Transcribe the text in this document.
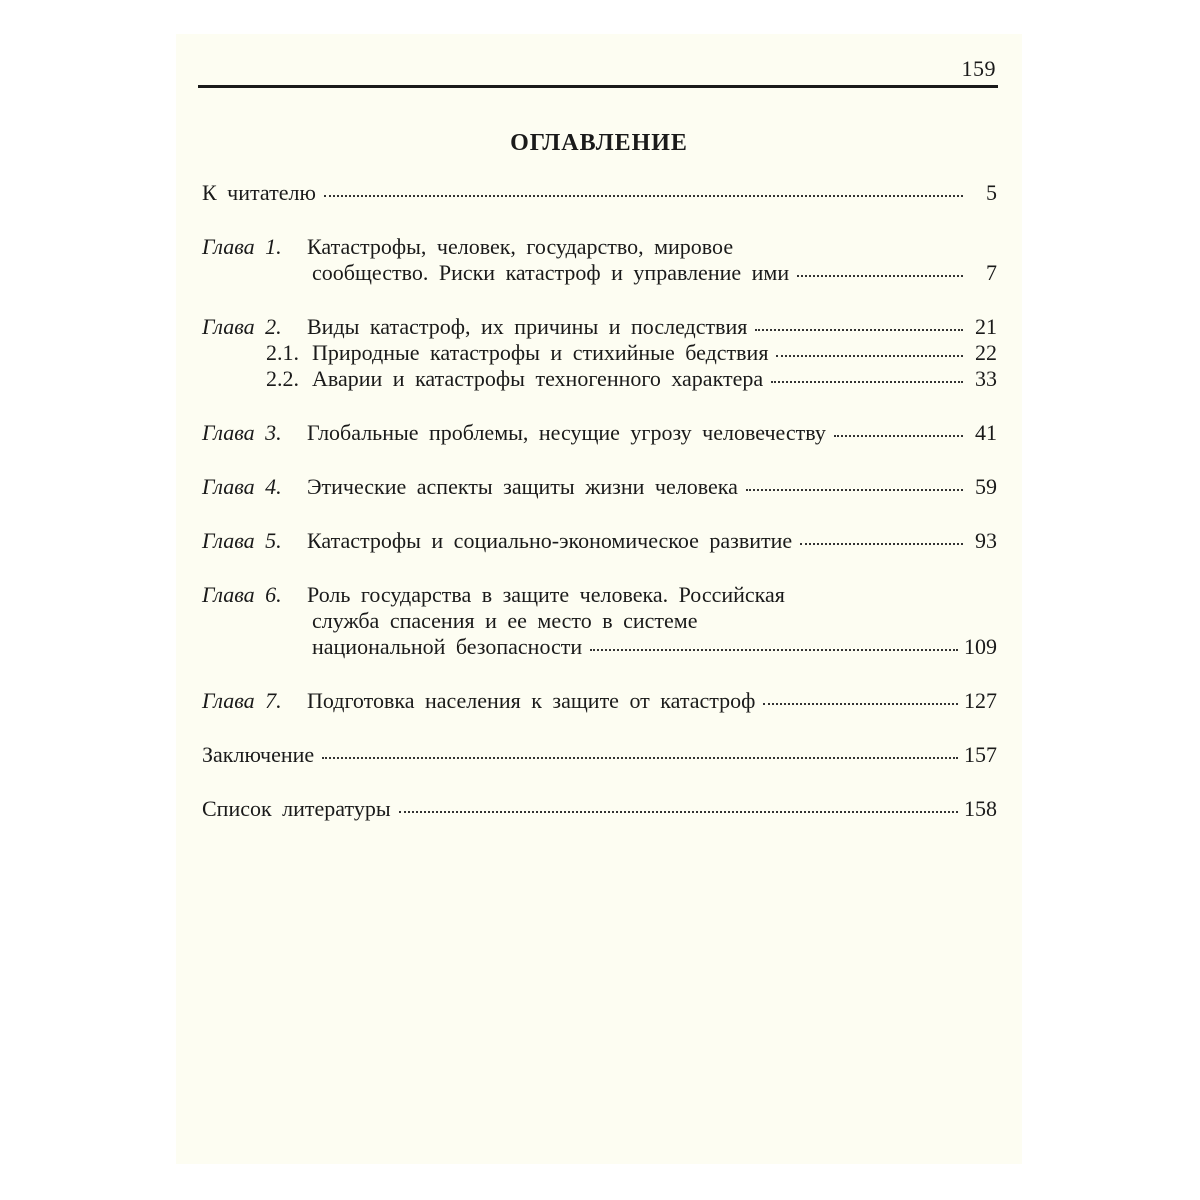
159
ОГЛАВЛЕНИЕ
К читателю	5
Глава 1.	Катастрофы, человек, государство, мировое
сообщество. Риски катастроф и управление ими	7
Глава 2.	Виды катастроф, их причины и последствия	21
2.1. Природные катастрофы и стихийные бедствия	22
2.2. Аварии и катастрофы техногенного характера	33
Глава 3.	Глобальные проблемы, несущие угрозу человечеству	41
Глава 4.	Этические аспекты защиты жизни человека	59
Глава 5.	Катастрофы и социально-экономическое развитие	93
Глава 6.	Роль государства в защите человека. Российская
служба спасения и ее место в системе
национальной безопасности	109
Глава 7.	Подготовка населения к защите от катастроф	127
Заключение	157
Список литературы	158
